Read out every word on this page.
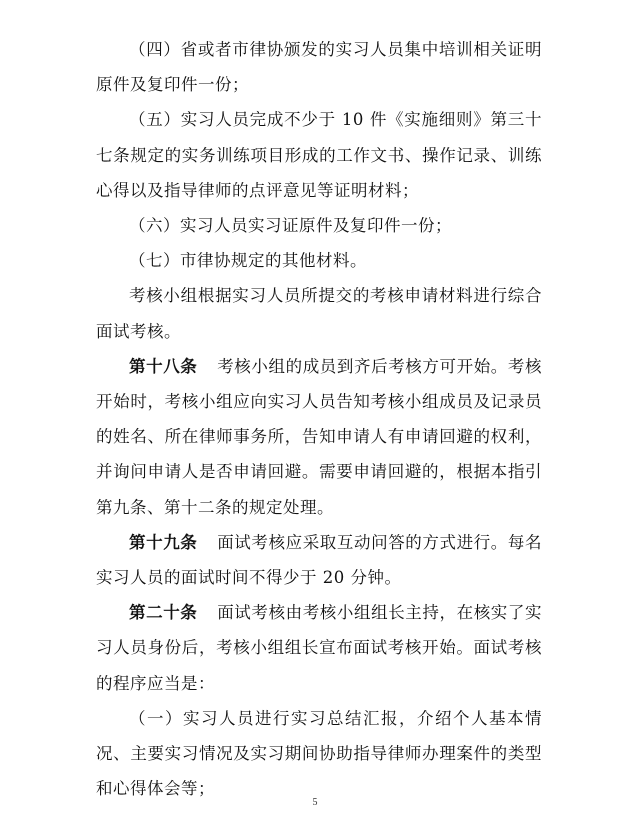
（四）省或者市律协颁发的实习人员集中培训相关证明原件及复印件一份；

（五）实习人员完成不少于 10 件《实施细则》第三十七条规定的实务训练项目形成的工作文书、操作记录、训练心得以及指导律师的点评意见等证明材料；

（六）实习人员实习证原件及复印件一份；

（七）市律协规定的其他材料。

考核小组根据实习人员所提交的考核申请材料进行综合面试考核。

第十八条 考核小组的成员到齐后考核方可开始。考核开始时，考核小组应向实习人员告知考核小组成员及记录员的姓名、所在律师事务所，告知申请人有申请回避的权利，并询问申请人是否申请回避。需要申请回避的，根据本指引第九条、第十二条的规定处理。

第十九条 面试考核应采取互动问答的方式进行。每名实习人员的面试时间不得少于 20 分钟。

第二十条 面试考核由考核小组组长主持，在核实了实习人员身份后，考核小组组长宣布面试考核开始。面试考核的程序应当是：

（一）实习人员进行实习总结汇报，介绍个人基本情况、主要实习情况及实习期间协助指导律师办理案件的类型和心得体会等；

5
